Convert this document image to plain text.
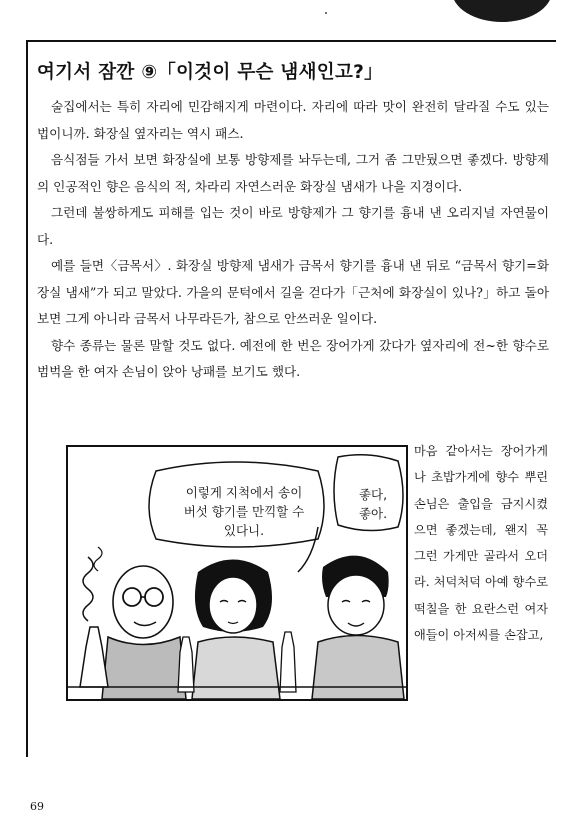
여기서 잠깐 ⑨「이것이 무슨 냄새인고?」

술집에서는 특히 자리에 민감해지게 마련이다. 자리에 따라 맛이 완전히 달라질 수도 있는 법이니까. 화장실 옆자리는 역시 패스.

음식점들 가서 보면 화장실에 보통 방향제를 놔두는데, 그거 좀 그만뒀으면 좋겠다. 방향제의 인공적인 향은 음식의 적, 차라리 자연스러운 화장실 냄새가 나을 지경이다.

그런데 불쌍하게도 피해를 입는 것이 바로 방향제가 그 향기를 흉내 낸 오리지널 자연물이다.

예를 들면〈금목서〉. 화장실 방향제 냄새가 금목서 향기를 흉내 낸 뒤로 “금목서 향기=화장실 냄새”가 되고 말았다. 가을의 문턱에서 길을 걷다가「근처에 화장실이 있나?」하고 돌아보면 그게 아니라 금목서 나무라든가, 참으로 안쓰러운 일이다.

향수 종류는 물론 말할 것도 없다. 예전에 한 번은 장어가게 갔다가 옆자리에 전~한 향수로 범벅을 한 여자 손님이 앉아 낭패를 보기도 했다.

이렇게 지척에서 송이버섯 향기를 만끽할 수 있다니.
좋다, 좋아.

마음 같아서는 장어가게나 초밥가게에 향수 뿌린 손님은 출입을 금지시켰으면 좋겠는데, 왠지 꼭 그런 가게만 골라서 오더라. 처덕처덕 아예 향수로 떡칠을 한 요란스런 여자애들이 아저씨를 손잡고,

69
